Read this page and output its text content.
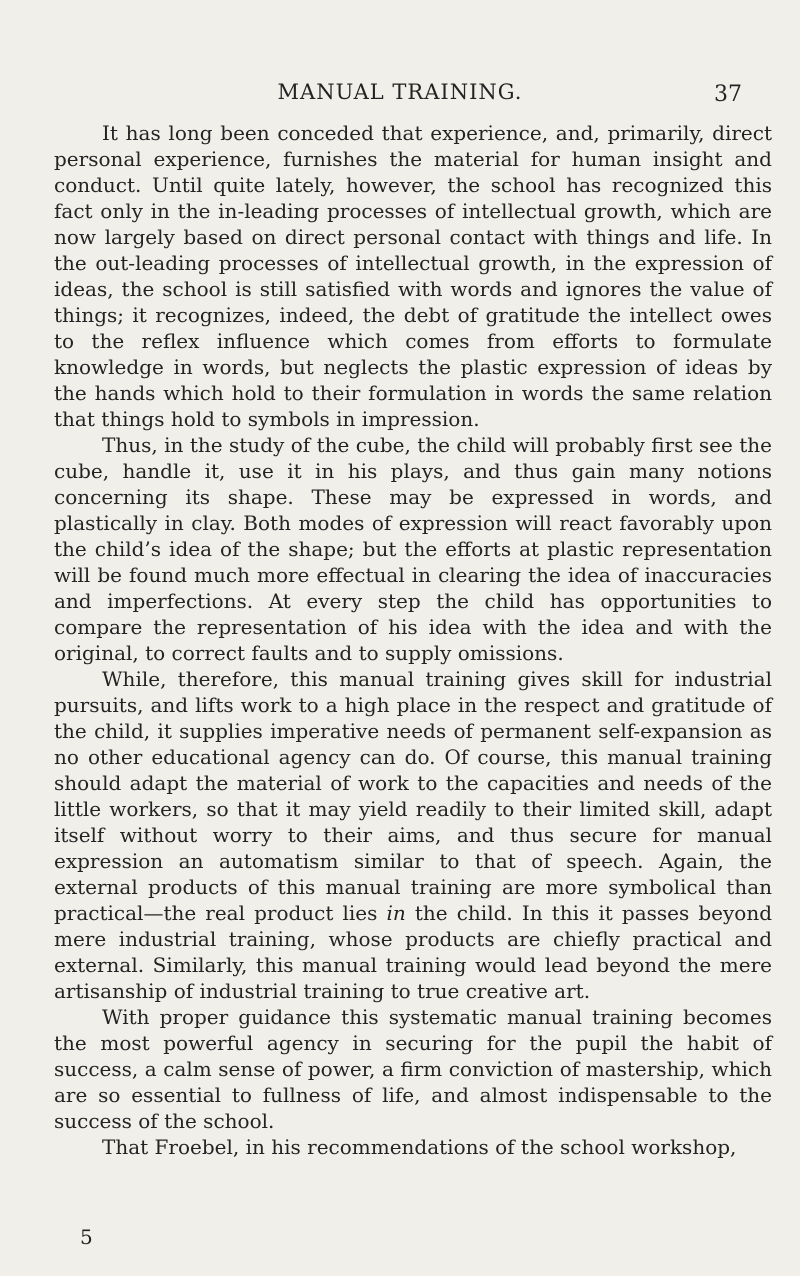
MANUAL TRAINING.	37

It has long been conceded that experience, and, primarily, direct personal experience, furnishes the material for human insight and conduct. Until quite lately, however, the school has recognized this fact only in the in-leading processes of intellectual growth, which are now largely based on direct personal contact with things and life. In the out-leading processes of intellectual growth, in the expression of ideas, the school is still satisfied with words and ignores the value of things; it recognizes, indeed, the debt of gratitude the intellect owes to the reflex influence which comes from efforts to formulate knowledge in words, but neglects the plastic expression of ideas by the hands which hold to their formulation in words the same relation that things hold to symbols in impression.

Thus, in the study of the cube, the child will probably first see the cube, handle it, use it in his plays, and thus gain many notions concerning its shape. These may be expressed in words, and plastically in clay. Both modes of expression will react favorably upon the child’s idea of the shape; but the efforts at plastic representation will be found much more effectual in clearing the idea of inaccuracies and imperfections. At every step the child has opportunities to compare the representation of his idea with the idea and with the original, to correct faults and to supply omissions.

While, therefore, this manual training gives skill for industrial pursuits, and lifts work to a high place in the respect and gratitude of the child, it supplies imperative needs of permanent self-expansion as no other educational agency can do. Of course, this manual training should adapt the material of work to the capacities and needs of the little workers, so that it may yield readily to their limited skill, adapt itself without worry to their aims, and thus secure for manual expression an automatism similar to that of speech. Again, the external products of this manual training are more symbolical than practical—the real product lies in the child. In this it passes beyond mere industrial training, whose products are chiefly practical and external. Similarly, this manual training would lead beyond the mere artisanship of industrial training to true creative art.

With proper guidance this systematic manual training becomes the most powerful agency in securing for the pupil the habit of success, a calm sense of power, a firm conviction of mastership, which are so essential to fullness of life, and almost indispensable to the success of the school.

That Froebel, in his recommendations of the school workshop,

5
